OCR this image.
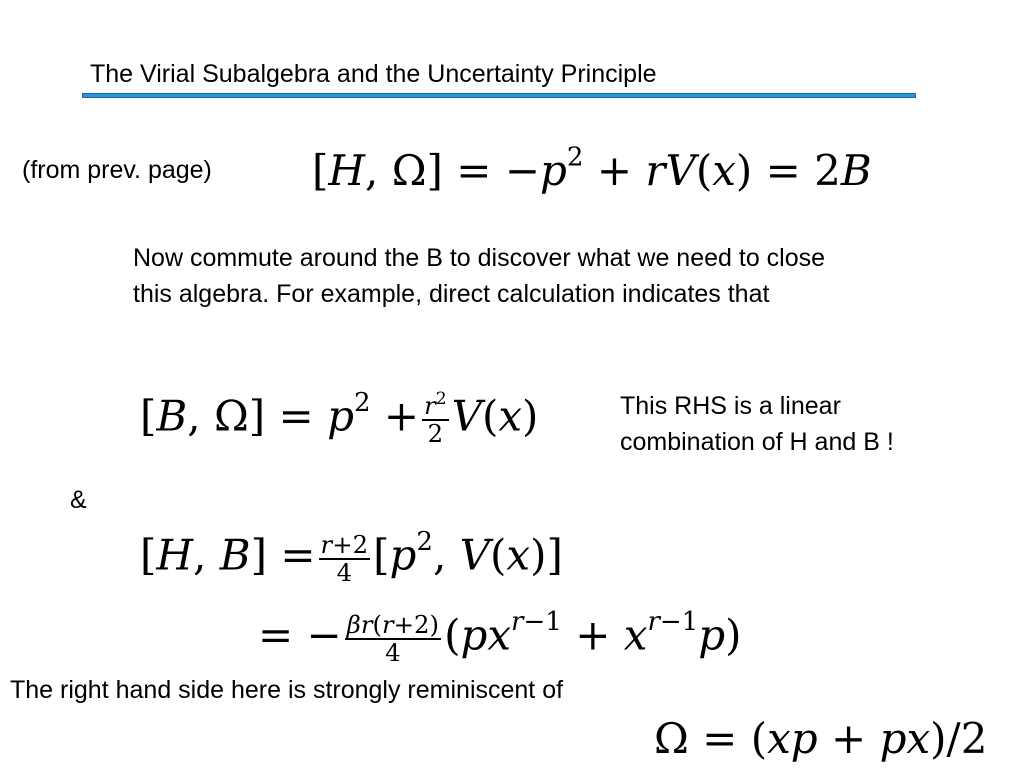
The Virial Subalgebra and the Uncertainty Principle
(from prev. page) [H, $\Omega] = -p^2 + rV(x) = 2B$
Now commute around the B to discover what we need to close this algebra. For example, direct calculation indicates that
[B, $\Omega] = p^2 + \frac{r^2}{2} V(x)$	This RHS is a linear combination of H and B !
&
[H, $B] = \frac{r+2}{4} [p^2$, V(x)]
= − $\frac{\beta r(r+2)}{4} (px^{r-1} + x^{r-1}p)$
The right hand side here is strongly reminiscent of
Ω = (xp + px)/2
